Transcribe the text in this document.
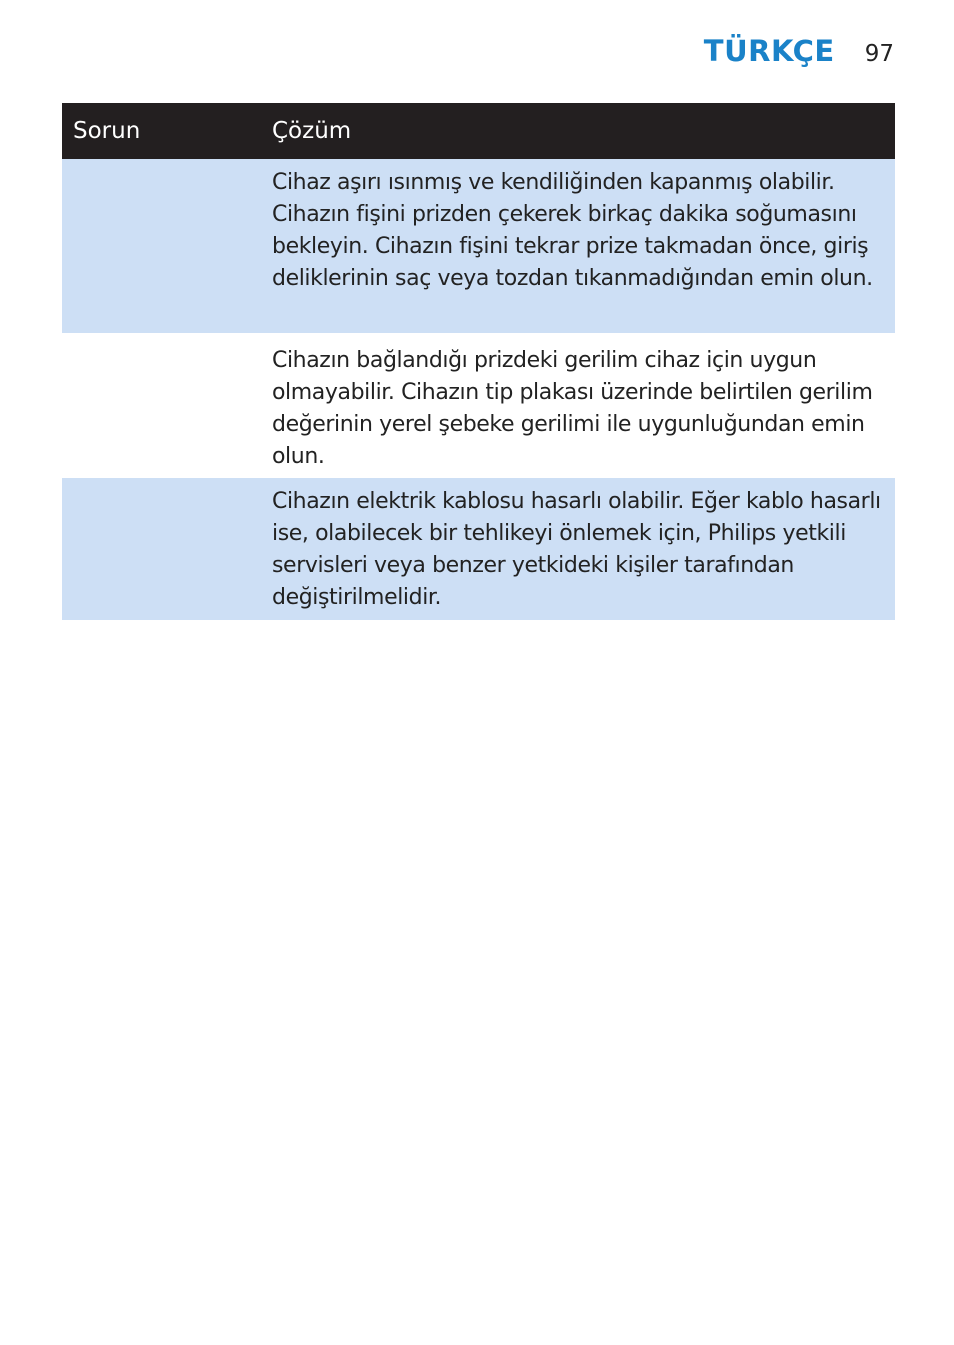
TÜRKÇE 97
Sorun	Çözüm
Cihaz aşırı ısınmış ve kendiliğinden kapanmış olabilir. Cihazın fişini prizden çekerek birkaç dakika soğumasını bekleyin. Cihazın fişini tekrar prize takmadan önce, giriş deliklerinin saç veya tozdan tıkanmadığından emin olun.
Cihazın bağlandığı prizdeki gerilim cihaz için uygun olmayabilir. Cihazın tip plakası üzerinde belirtilen gerilim değerinin yerel şebeke gerilimi ile uygunluğundan emin olun.
Cihazın elektrik kablosu hasarlı olabilir. Eğer kablo hasarlı ise, olabilecek bir tehlikeyi önlemek için, Philips yetkili servisleri veya benzer yetkideki kişiler tarafından değiştirilmelidir.
